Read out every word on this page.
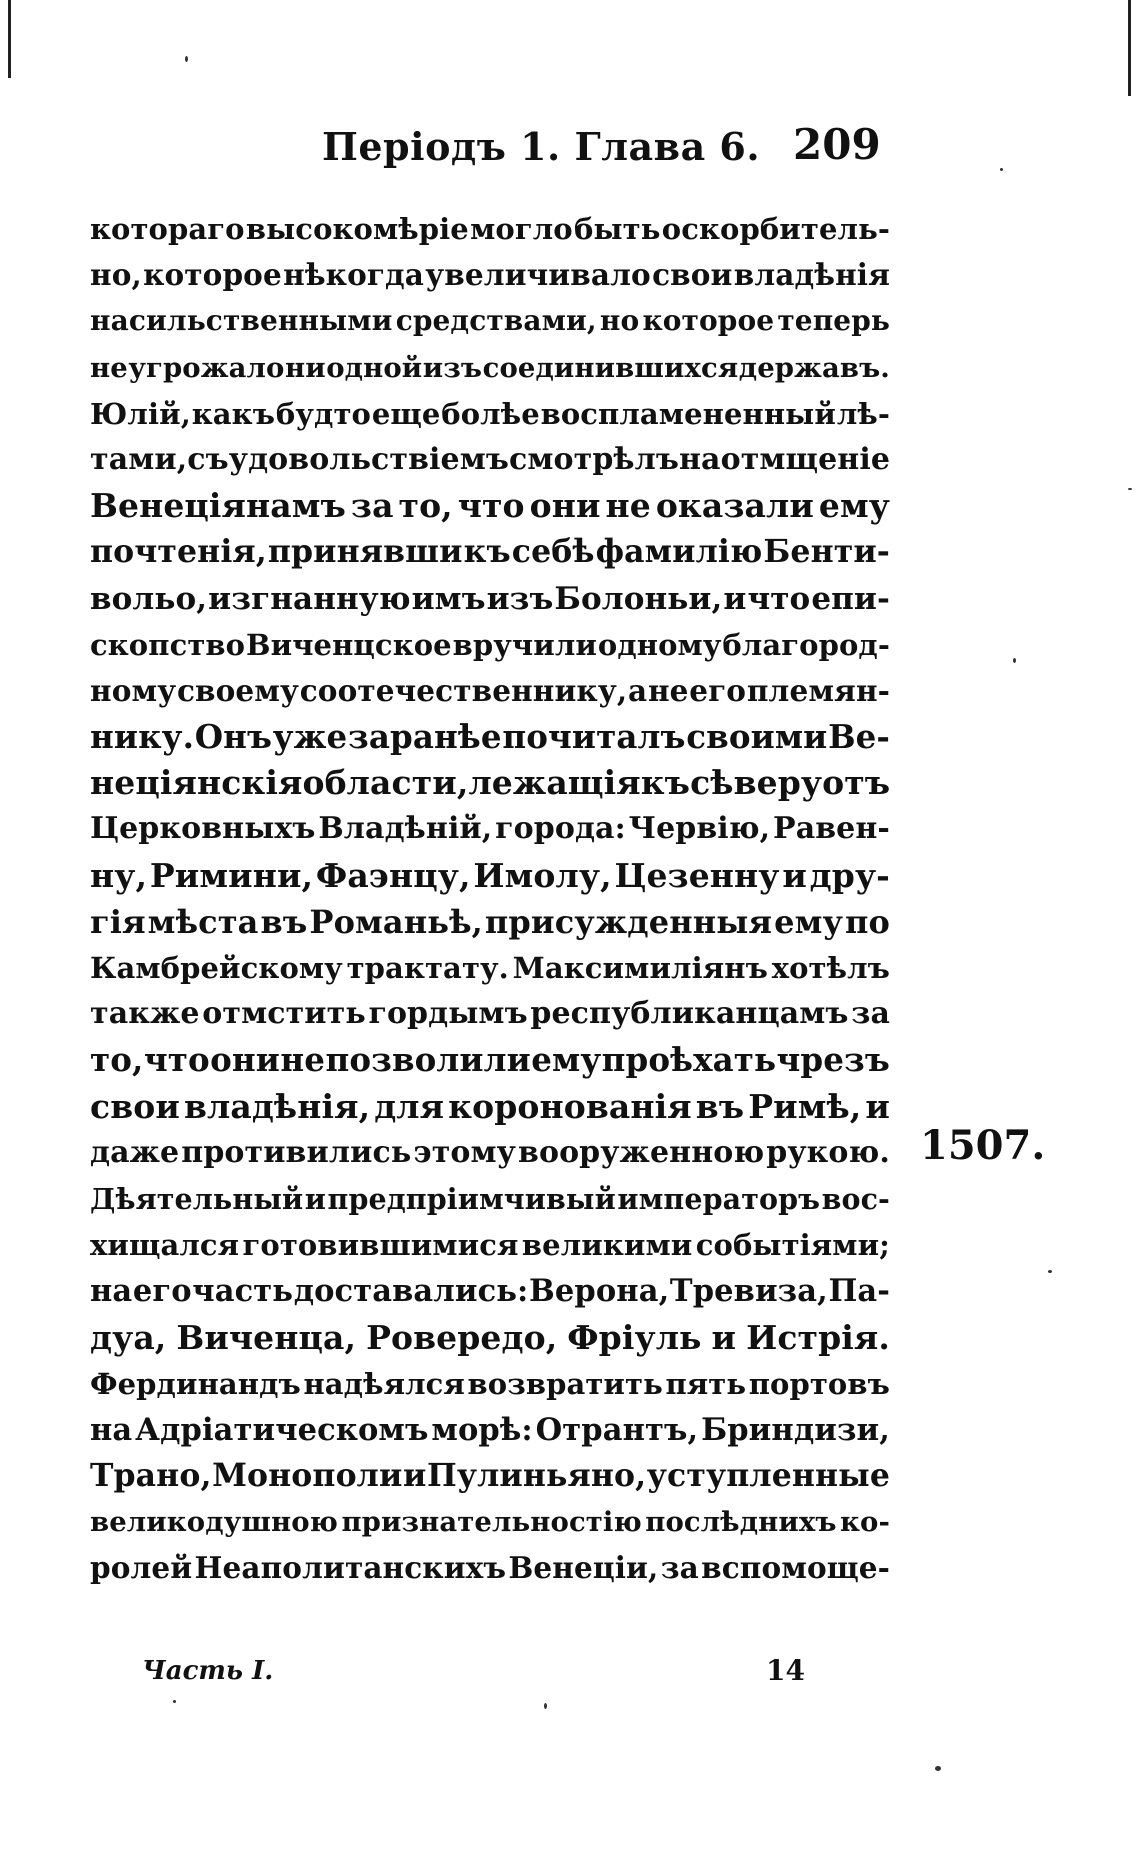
Періодъ 1. Глава 6. 209
котораго высокомѣріе могло быть оскорбитель-
но, которое нѣкогда увеличивало свои владѣнія
насильственными средствами, но которое теперь
не угрожало ни одной изъ соединившихся державъ.
Юлій, какъ будто еще болѣе воспламененный лѣ-
тами, съ удовольствіемъ смотрѣлъ на отмщеніе
Венеціянамъ за то, что они не оказали ему
почтенія, принявши къ себѣ фамилію Бенти-
вольо, изгнанную имъ изъ Болоньи, и что епи-
скопство Виченцское вручили одному благород-
ному своему соотечественнику, а не его племян-
нику. Онъ уже заранѣе почиталъ своими Ве-
неціянскія области, лежащія къ сѣверу отъ
Церковныхъ Владѣній, города: Червію, Равен-
ну, Римини, Фаэнцу, Имолу, Цезенну и дру-
гія мѣста въ Романьѣ, присужденныя ему по
Камбрейскому трактату. Максимиліянъ хотѣлъ
также отмстить гордымъ республиканцамъ за
то, что они не позволили ему проѣхать чрезъ
свои владѣнія, для коронованія въ Римѣ, и
даже противились этому вооруженною рукою.
Дѣятельный и предпріимчивый императоръ вос-
хищался готовившимися великими событіями;
на его часть доставались: Верона, Тревиза, Па-
дуа, Виченца, Ровередо, Фріуль и Истрія.
Фердинандъ надѣялся возвратить пять портовъ
на Адріатическомъ морѣ: Отрантъ, Бриндизи,
Трано, Монополи и Пулиньяно, уступленные
великодушною признательностію послѣднихъ ко-
ролей Неаполитанскихъ Венеціи, за вспомоще-
1507.
Часть I.	14
